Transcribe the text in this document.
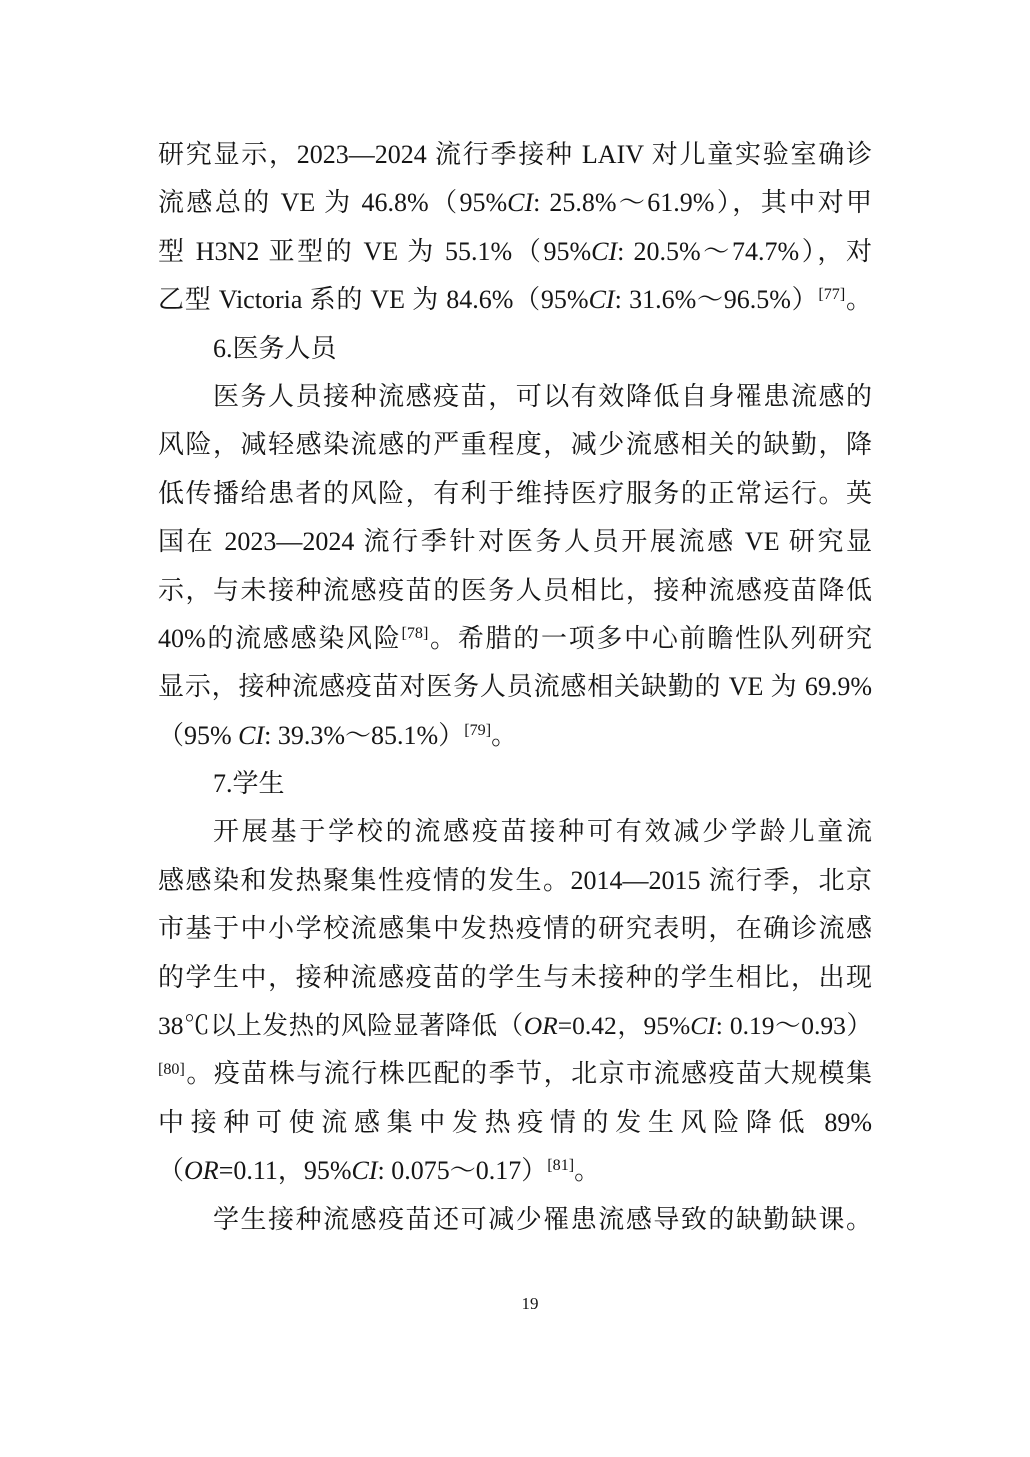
研究显示，2023—2024 流行季接种 LAIV 对儿童实验室确诊
流感总的 VE 为 46.8%（95%CI: 25.8%～61.9%），其中对甲
型 H3N2 亚型的 VE 为 55.1%（95%CI: 20.5%～74.7%），对
乙型 Victoria 系的 VE 为 84.6%（95%CI: 31.6%～96.5%）[77]。
6.医务人员
医务人员接种流感疫苗，可以有效降低自身罹患流感的
风险，减轻感染流感的严重程度，减少流感相关的缺勤，降
低传播给患者的风险，有利于维持医疗服务的正常运行。英
国在 2023—2024 流行季针对医务人员开展流感 VE 研究显
示，与未接种流感疫苗的医务人员相比，接种流感疫苗降低
40%的流感感染风险[78]。希腊的一项多中心前瞻性队列研究
显示，接种流感疫苗对医务人员流感相关缺勤的 VE 为 69.9%
（95% CI: 39.3%～85.1%）[79]。
7.学生
开展基于学校的流感疫苗接种可有效减少学龄儿童流
感感染和发热聚集性疫情的发生。2014—2015 流行季，北京
市基于中小学校流感集中发热疫情的研究表明，在确诊流感
的学生中，接种流感疫苗的学生与未接种的学生相比，出现
38℃以上发热的风险显著降低（OR=0.42，95%CI: 0.19～0.93）
[80]。疫苗株与流行株匹配的季节，北京市流感疫苗大规模集
中接种可使流感集中发热疫情的发生风险降低 89%
（OR=0.11，95%CI: 0.075～0.17）[81]。
学生接种流感疫苗还可减少罹患流感导致的缺勤缺课。
19
